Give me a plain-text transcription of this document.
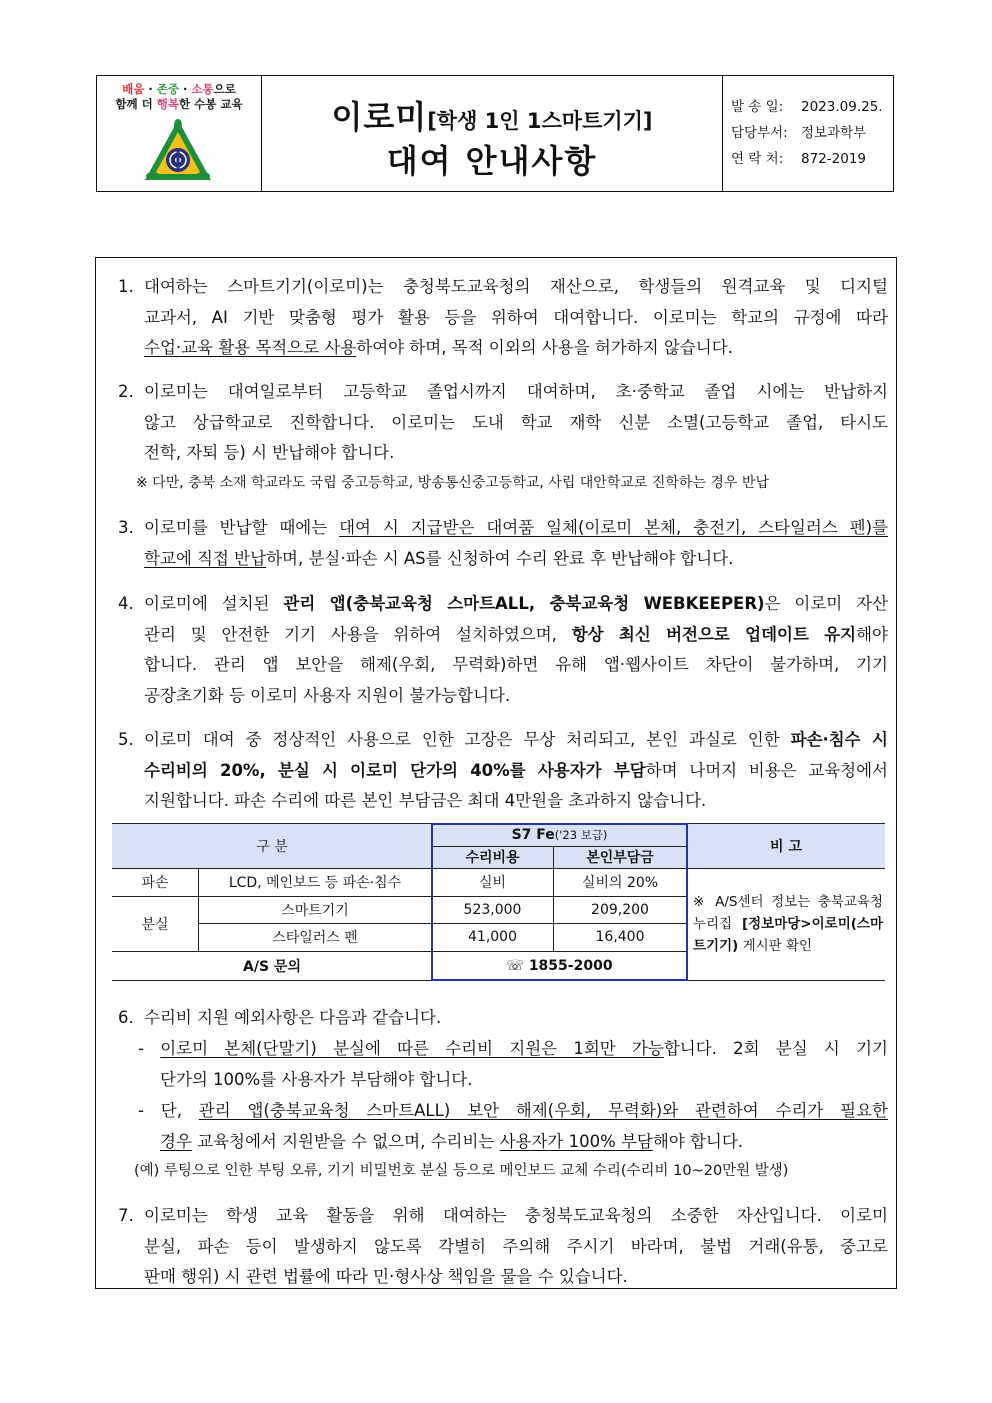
배움 · 존중 · 소통으로
함께 더 행복한 수봉 교육	이로미[학생 1인 1스마트기기]
대여 안내사항
발 송 일: 2023.09.25.
담당부서: 정보과학부
연 락 처: 872-2019
1. 대여하는 스마트기기(이로미)는 충청북도교육청의 재산으로, 학생들의 원격교육 및 디지털
교과서, AI 기반 맞춤형 평가 활용 등을 위하여 대여합니다. 이로미는 학교의 규정에 따라
수업·교육 활용 목적으로 사용하여야 하며, 목적 이외의 사용을 허가하지 않습니다.
2. 이로미는 대여일로부터 고등학교 졸업시까지 대여하며, 초·중학교 졸업 시에는 반납하지
않고 상급학교로 진학합니다. 이로미는 도내 학교 재학 신분 소멸(고등학교 졸업, 타시도
전학, 자퇴 등) 시 반납해야 합니다.
※ 다만, 충북 소재 학교라도 국립 중고등학교, 방송통신중고등학교, 사립 대안학교로 진학하는 경우 반납
3. 이로미를 반납할 때에는 대여 시 지급받은 대여품 일체(이로미 본체, 충전기, 스타일러스 펜)를
학교에 직접 반납하며, 분실·파손 시 AS를 신청하여 수리 완료 후 반납해야 합니다.
4. 이로미에 설치된 관리 앱(충북교육청 스마트ALL, 충북교육청 WEBKEEPER)은 이로미 자산
관리 및 안전한 기기 사용을 위하여 설치하였으며, 항상 최신 버전으로 업데이트 유지해야
합니다. 관리 앱 보안을 해제(우회, 무력화)하면 유해 앱·웹사이트 차단이 불가하며, 기기
공장초기화 등 이로미 사용자 지원이 불가능합니다.
5. 이로미 대여 중 정상적인 사용으로 인한 고장은 무상 처리되고, 본인 과실로 인한 파손·침수 시
수리비의 20%, 분실 시 이로미 단가의 40%를 사용자가 부담하며 나머지 비용은 교육청에서
지원합니다. 파손 수리에 따른 본인 부담금은 최대 4만원을 초과하지 않습니다.
구 분
S7 Fe ('23 보급)
수리비용	본인부담금
비 고
파손	LCD, 메인보드 등 파손·침수	실비	실비의 20%
분실
스마트기기	523,000	209,200
스타일러스 펜	41,000	16,400
A/S 문의	☏ 1855-2000
※ A/S센터 정보는 충북교육청 누리집 [정보마당>이로미(스마트기기) 게시판 확인
6. 수리비 지원 예외사항은 다음과 같습니다.
- 이로미 본체(단말기) 분실에 따른 수리비 지원은 1회만 가능합니다. 2회 분실 시 기기
단가의 100%를 사용자가 부담해야 합니다.
- 단, 관리 앱(충북교육청 스마트ALL) 보안 해제(우회, 무력화)와 관련하여 수리가 필요한
경우 교육청에서 지원받을 수 없으며, 수리비는 사용자가 100% 부담해야 합니다.
(예) 루팅으로 인한 부팅 오류, 기기 비밀번호 분실 등으로 메인보드 교체 수리(수리비 10~20만원 발생)
7. 이로미는 학생 교육 활동을 위해 대여하는 충청북도교육청의 소중한 자산입니다. 이로미
분실, 파손 등이 발생하지 않도록 각별히 주의해 주시기 바라며, 불법 거래(유통, 중고로
판매 행위) 시 관련 법률에 따라 민·형사상 책임을 물을 수 있습니다.
